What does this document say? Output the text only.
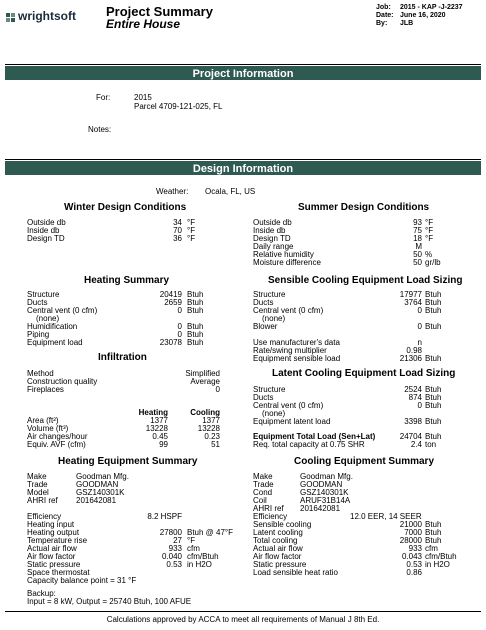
wrightsoft Project Summary
Entire House
Job: 2015 - KAP -J-2237
Date: June 16, 2020
By: JLB
Project Information
For:	2015
Parcel 4709-121-025, FL
Notes:
Design Information
Weather: Ocala, FL, US
Winter Design Conditions	Summer Design Conditions
Heating Summary	Sensible Cooling Equipment Load Sizing
Infiltration
Method	Simplified
Construction quality	Average
Fireplaces	0
Heating	Cooling
Latent Cooling Equipment Load Sizing
Equipment Total Load (Sen+Lat)	24704 Btuh
Req. total capacity at 0.75 SHR	2.4 ton
Heating Equipment Summary
Make	Goodman Mfg.
Trade	GOODMAN
Model	GSZ140301K
AHRI ref 201642081
Capacity balance point = 31 °F
Backup:
Input = 8 kW, Output = 25740 Btuh, 100 AFUE
Cooling Equipment Summary
Make	Goodman Mfg.
Trade	GOODMAN
Cond	GSZ140301K
Coil	ARUF31B14A
AHRI ref 201642081
Efficiency	12.0 EER, 14 SEER
Calculations approved by ACCA to meet all requirements of Manual J 8th Ed.
Outside db	34 °F
Inside db	70 °F
Design TD	36 °F
Outside db	93 °F
Inside db	75 °F
Design TD	18 °F
Daily range	M
Relative humidity	50 %
Moisture difference	50 gr/lb
Structure	20419 Btuh
Ducts	2659 Btuh
Central vent (0 cfm)	0 Btuh
(none)
Humidification	0 Btuh
Piping	0 Btuh
Equipment load	23078 Btuh
Structure	17977 Btuh
Ducts	3764 Btuh
Central vent (0 cfm)	0 Btuh
(none)
Blower	0 Btuh
Use manufacturer's data	n
Rate/swing multiplier	0.98
Equipment sensible load	21306 Btuh
Structure	2524 Btuh
Ducts	874 Btuh
Central vent (0 cfm)	0 Btuh
(none)
Equipment latent load	3398 Btuh
Efficiency	8.2 HSPF
Heating input
Heating output	27800 Btuh @ 47°F
Temperature rise	27 °F
Actual air flow	933 cfm
Air flow factor	0.040 cfm/Btuh
Static pressure	0.53 in H2O
Space thermostat
Sensible cooling	21000 Btuh
Latent cooling	7000 Btuh
Total cooling	28000 Btuh
Actual air flow	933 cfm
Air flow factor	0.043 cfm/Btuh
Static pressure	0.53 in H2O
Load sensible heat ratio	0.86
Area (ft²)	1377	1377
Volume (ft³)	13228	13228
Air changes/hour	0.45	0.23
Equiv. AVF (cfm)	99	51
